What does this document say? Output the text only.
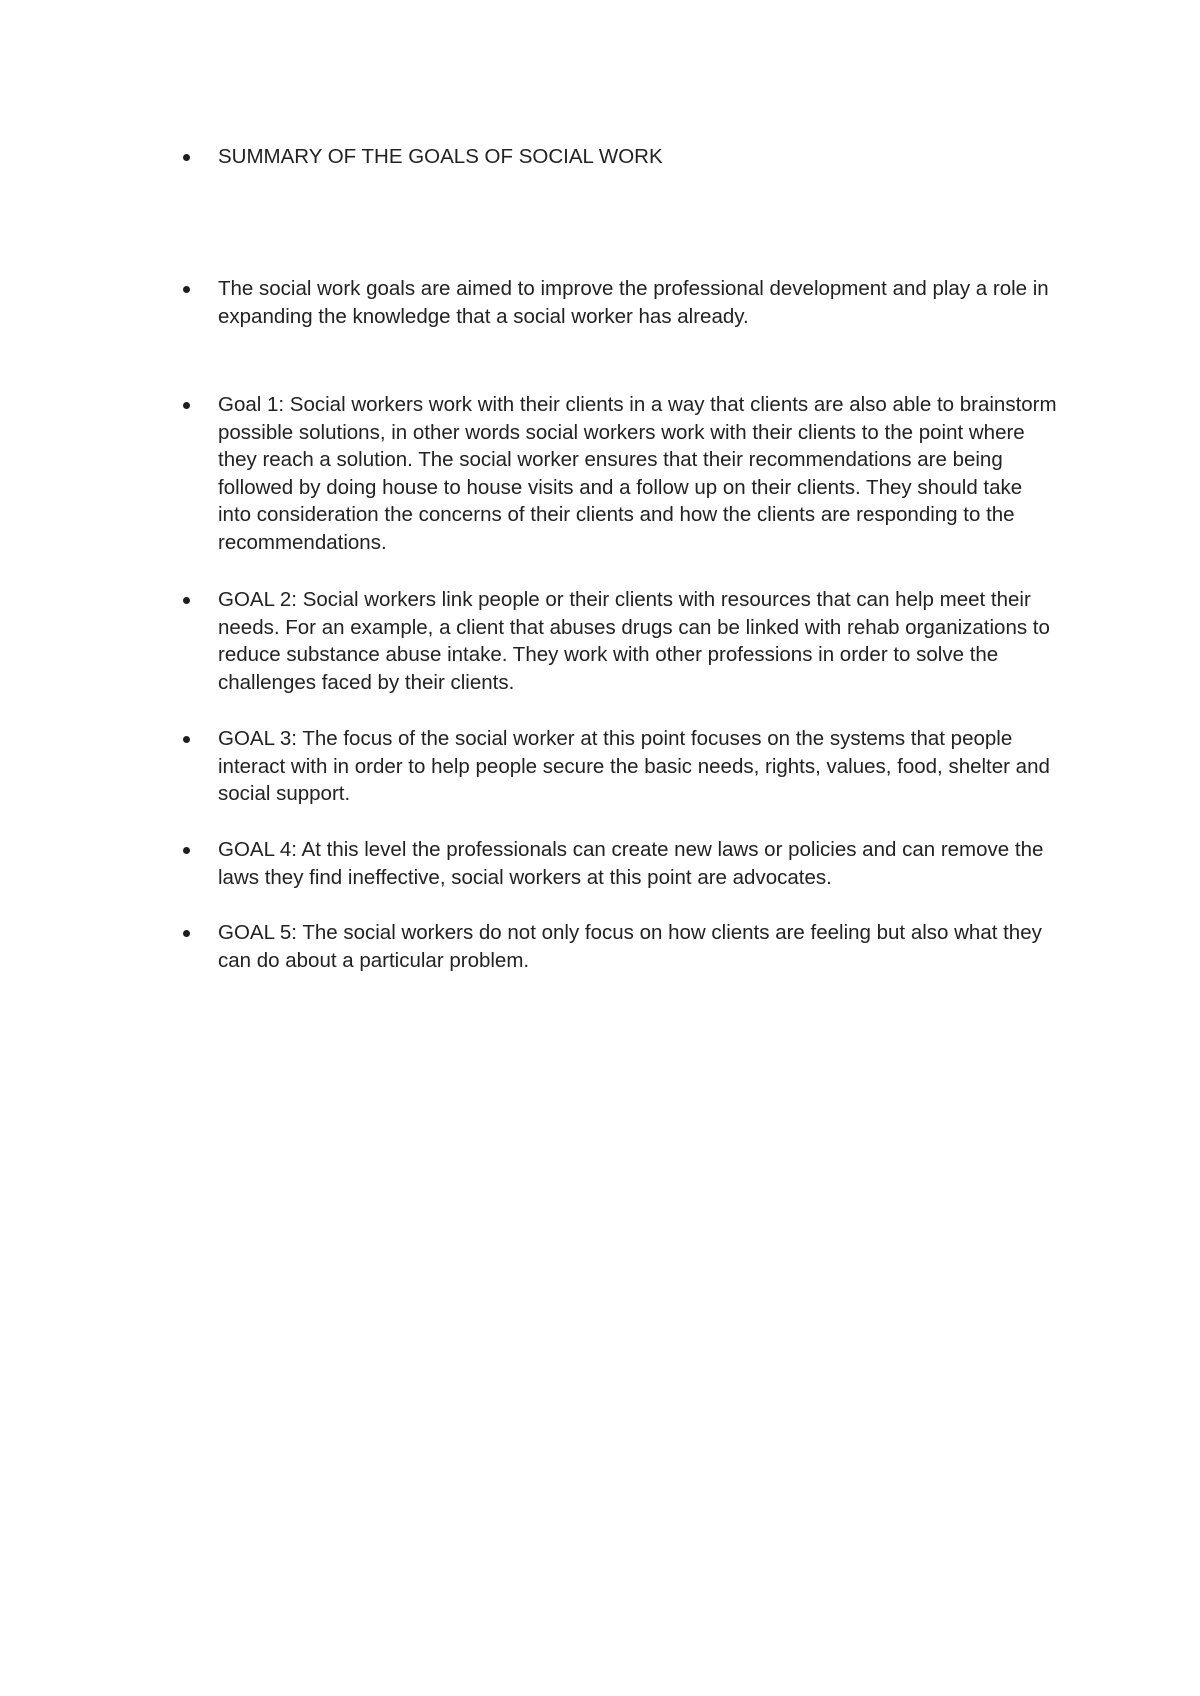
SUMMARY OF THE GOALS OF SOCIAL WORK

The social work goals are aimed to improve the professional development and play a role in expanding the knowledge that a social worker has already.

Goal 1: Social workers work with their clients in a way that clients are also able to brainstorm possible solutions, in other words social workers work with their clients to the point where they reach a solution. The social worker ensures that their recommendations are being followed by doing house to house visits and a follow up on their clients. They should take into consideration the concerns of their clients and how the clients are responding to the recommendations.

GOAL 2: Social workers link people or their clients with resources that can help meet their needs. For an example, a client that abuses drugs can be linked with rehab organizations to reduce substance abuse intake. They work with other professions in order to solve the challenges faced by their clients.

GOAL 3: The focus of the social worker at this point focuses on the systems that people interact with in order to help people secure the basic needs, rights, values, food, shelter and social support.

GOAL 4: At this level the professionals can create new laws or policies and can remove the laws they find ineffective, social workers at this point are advocates.

GOAL 5: The social workers do not only focus on how clients are feeling but also what they can do about a particular problem.
